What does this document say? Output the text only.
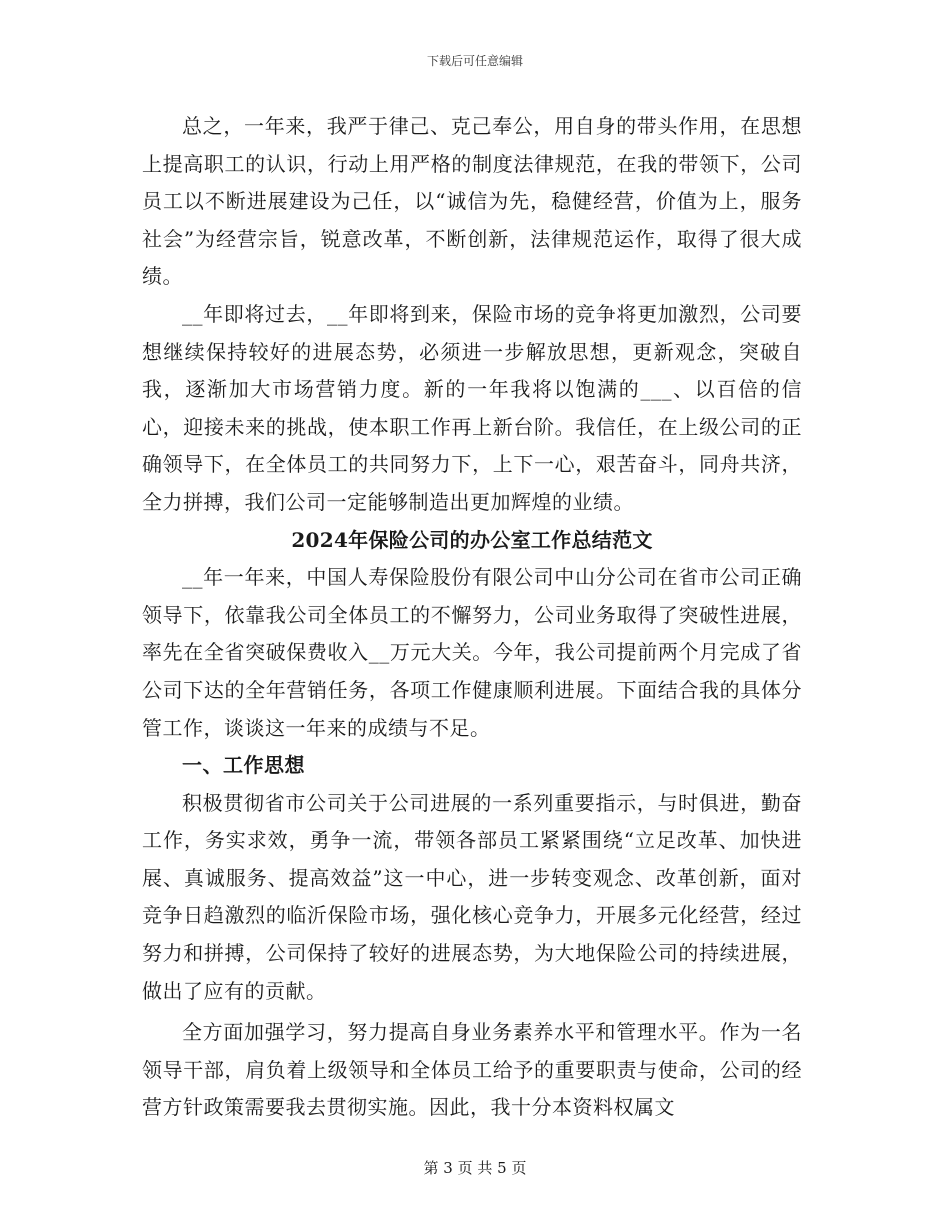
下载后可任意编辑

总之，一年来，我严于律己、克己奉公，用自身的带头作用，在思想上提高职工的认识，行动上用严格的制度法律规范，在我的带领下，公司员工以不断进展建设为己任，以“诚信为先，稳健经营，价值为上，服务社会”为经营宗旨，锐意改革，不断创新，法律规范运作，取得了很大成绩。

__年即将过去，__年即将到来，保险市场的竞争将更加激烈，公司要想继续保持较好的进展态势，必须进一步解放思想，更新观念，突破自我，逐渐加大市场营销力度。新的一年我将以饱满的___、以百倍的信心，迎接未来的挑战，使本职工作再上新台阶。我信任，在上级公司的正确领导下，在全体员工的共同努力下，上下一心，艰苦奋斗，同舟共济，全力拼搏，我们公司一定能够制造出更加辉煌的业绩。

2024年保险公司的办公室工作总结范文

__年一年来，中国人寿保险股份有限公司中山分公司在省市公司正确领导下，依靠我公司全体员工的不懈努力，公司业务取得了突破性进展，率先在全省突破保费收入__万元大关。今年，我公司提前两个月完成了省公司下达的全年营销任务，各项工作健康顺利进展。下面结合我的具体分管工作，谈谈这一年来的成绩与不足。

一、工作思想

积极贯彻省市公司关于公司进展的一系列重要指示，与时俱进，勤奋工作，务实求效，勇争一流，带领各部员工紧紧围绕“立足改革、加快进展、真诚服务、提高效益”这一中心，进一步转变观念、改革创新，面对竞争日趋激烈的临沂保险市场，强化核心竞争力，开展多元化经营，经过努力和拼搏，公司保持了较好的进展态势，为大地保险公司的持续进展，做出了应有的贡献。

全方面加强学习，努力提高自身业务素养水平和管理水平。作为一名领导干部，肩负着上级领导和全体员工给予的重要职责与使命，公司的经营方针政策需要我去贯彻实施。因此，我十分本资料权属文

第 3 页 共 5 页
